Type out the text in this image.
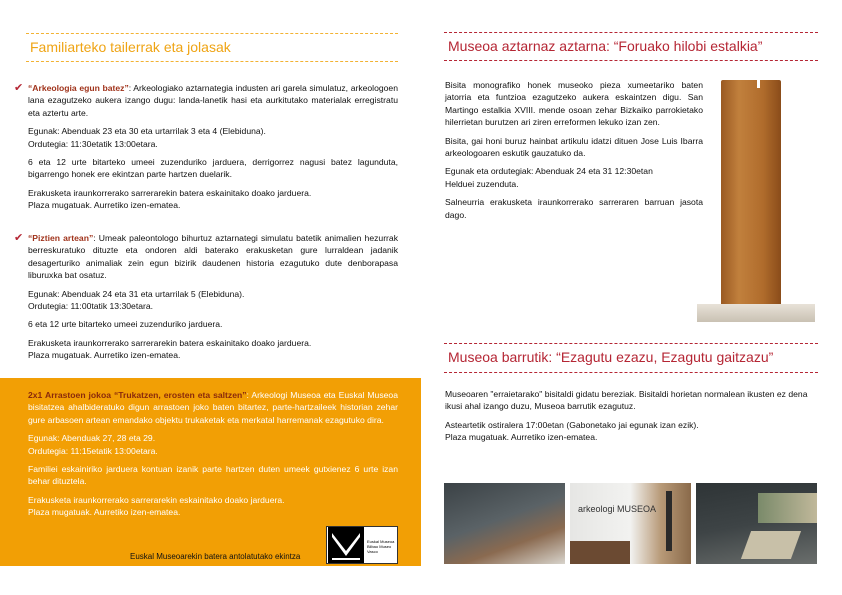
Familiarteko tailerrak eta jolasak
✔ “Arkeologia egun batez”: Arkeologiako aztarnategia industen ari garela simulatuz, arkeologoen lana ezagutzeko aukera izango dugu: landa-lanetik hasi eta aurkitutako materialak erregistratu eta aztertu arte.

Egunak: Abenduak 23 eta 30 eta urtarrilak 3 eta 4 (Elebiduna).
Ordutegia: 11:30etatik 13:00etara.

6 eta 12 urte bitarteko umeei zuzenduriko jarduera, derrigorrez nagusi batez lagunduta, bigarrengo honek ere ekintzan parte hartzen duelarik.

Erakusketa iraunkorrerako sarrerarekin batera eskainitako doako jarduera.
Plaza mugatuak. Aurretiko izen-ematea.

✔ “Piztien artean”: Umeak paleontologo bihurtuz aztarnategi simulatu batetik animalien hezurrak berreskuratuko dituzte eta ondoren aldi baterako erakusketan gure lurraldean jadanik desagerturiko animaliak zein egun bizirik daudenen historia ezagutuko dute denborapasa liburuxka bat osatuz.

Egunak: Abenduak 24 eta 31 eta urtarrilak 5 (Elebiduna).
Ordutegia: 11:00tatik 13:30etara.

6 eta 12 urte bitarteko umeei zuzenduriko jarduera.

Erakusketa iraunkorrerako sarrerarekin batera eskainitako doako jarduera.
Plaza mugatuak. Aurretiko izen-ematea.

2x1 Arrastoen jokoa “Trukatzen, erosten eta saltzen”: Arkeologi Museoa eta Euskal Museoa bisitatzea ahalbideratuko digun arrastoen joko baten bitartez, parte-hartzaileek historian zehar gure arbasoen artean emandako objektu trukaketak eta merkatal harremanak ezagutuko dira.

Egunak: Abenduak 27, 28 eta 29.
Ordutegia: 11:15etatik 13:00etara.

Familiei eskainiriko jarduera kontuan izanik parte hartzen duten umeek gutxienez 6 urte izan behar dituztela.

Erakusketa iraunkorrerako sarrerarekin eskainitako doako jarduera.
Plaza mugatuak. Aurretiko izen-ematea.

Euskal Museoarekin batera antolatutako ekintza
Euskal Museoa Bilbao Museo Vasco
Museoa aztarnaz aztarna: “Foruako hilobi estalkia”

Bisita monografiko honek museoko pieza xumeetariko baten jatorria eta funtzioa ezagutzeko aukera eskaintzen digu. San Martingo estalkia XVIII. mende osoan zehar Bizkaiko parrokietako hilerrietan burutzen ari ziren erreformen lekuko izan zen.

Bisita, gai honi buruz hainbat artikulu idatzi dituen Jose Luis Ibarra arkeologoaren eskutik gauzatuko da.

Egunak eta ordutegiak: Abenduak 24 eta 31 12:30etan
Helduei zuzenduta.

Salneurria erakusketa iraunkorrerako sarreraren barruan jasota dago.

Museoa barrutik: “Ezagutu ezazu, Ezagutu gaitzazu”

Museoaren "erraietarako" bisitaldi gidatu bereziak. Bisitaldi horietan normalean ikusten ez dena ikusi ahal izango duzu, Museoa barrutik ezagutuz.

Asteartetik ostiralera 17:00etan (Gabonetako jai egunak izan ezik).
Plaza mugatuak. Aurretiko izen-ematea.

arkeologi MUSEOA
